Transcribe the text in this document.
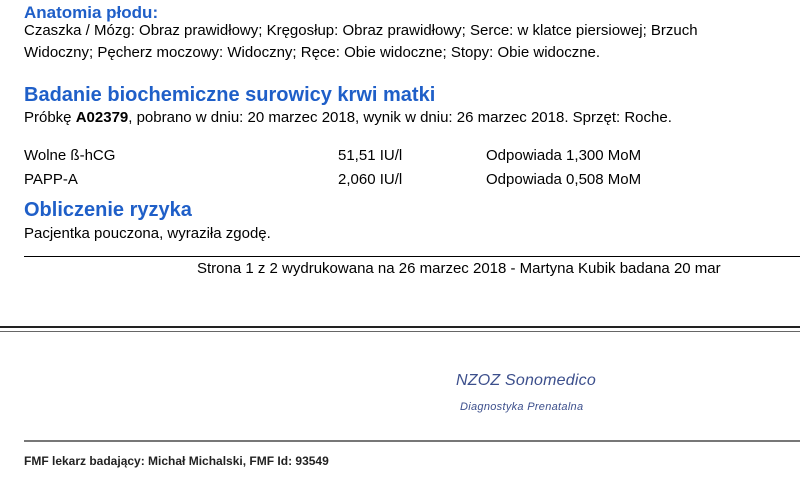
Anatomia płodu:
Czaszka / Mózg: Obraz prawidłowy; Kręgosłup: Obraz prawidłowy; Serce: w klatce piersiowej; Brzuch
Widoczny; Pęcherz moczowy: Widoczny; Ręce: Obie widoczne; Stopy: Obie widoczne.
Badanie biochemiczne surowicy krwi matki
Próbkę A02379, pobrano w dniu: 20 marzec 2018, wynik w dniu: 26 marzec 2018. Sprzęt: Roche.
Wolne ß-hCG	51,51 IU/l	Odpowiada 1,300 MoM
PAPP-A	2,060 IU/l	Odpowiada 0,508 MoM
Obliczenie ryzyka
Pacjentka pouczona, wyraziła zgodę.
Strona 1 z 2 wydrukowana na 26 marzec 2018 - Martyna Kubik badana 20 mar
NZOZ Sonomedico
Diagnostyka Prenatalna
FMF lekarz badający: Michał Michalski, FMF Id: 93549
